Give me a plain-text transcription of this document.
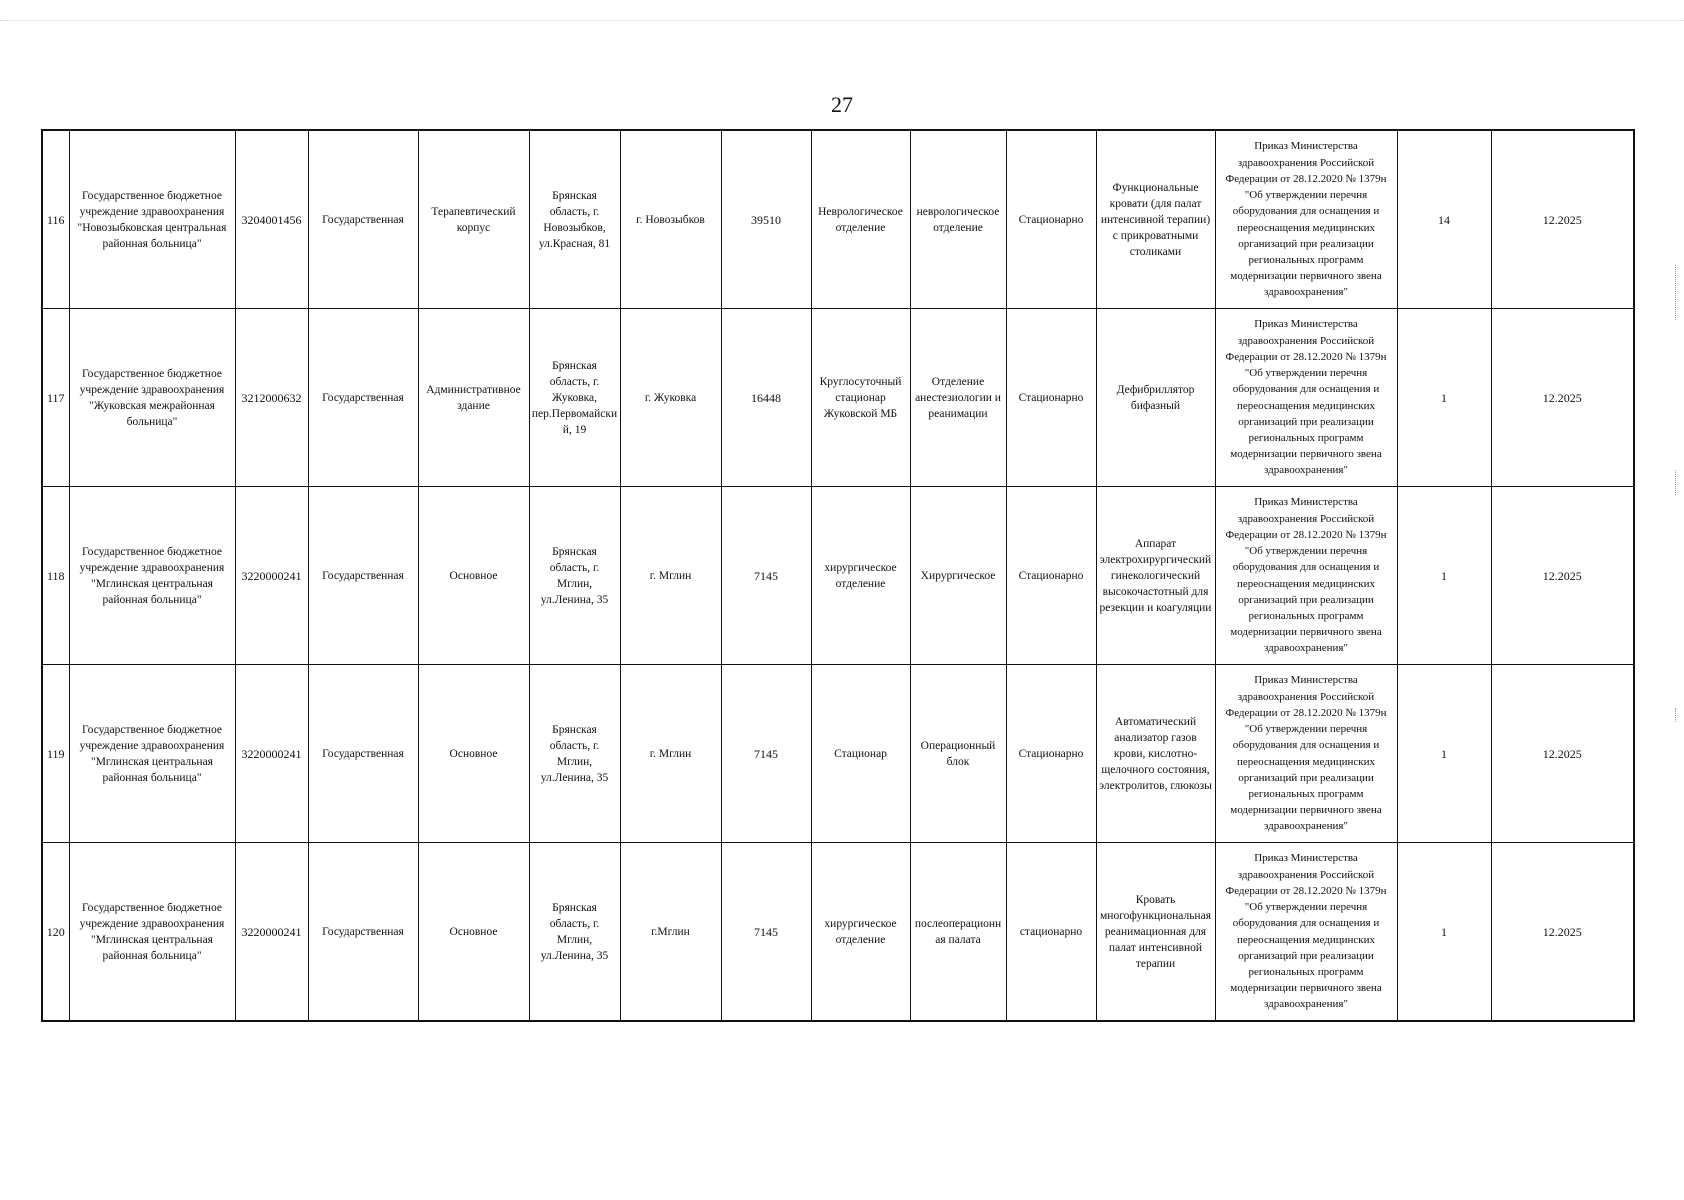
27
116	Государственное бюджетное учреждение здравоохранения "Новозыбковская центральная районная больница"	3204001456	Государственная	Терапевтический корпус	Брянская область, г. Новозыбков, ул.Красная, 81	г. Новозыбков	39510	Неврологическое отделение	неврологическое отделение	Стационарно	Функциональные кровати (для палат интенсивной терапии) с прикроватными столиками	Приказ Министерства здравоохранения Российской Федерации от 28.12.2020 № 1379н "Об утверждении перечня оборудования для оснащения и переоснащения медицинских организаций при реализации региональных программ модернизации первичного звена здравоохранения"	14	12.2025
117	Государственное бюджетное учреждение здравоохранения "Жуковская межрайонная больница"	3212000632	Государственная	Административное здание	Брянская область, г. Жуковка, пер.Первомайский, 19	г. Жуковка	16448	Круглосуточный стационар Жуковской МБ	Отделение анестезиологии и реанимации	Стационарно	Дефибриллятор бифазный	Приказ Министерства здравоохранения Российской Федерации от 28.12.2020 № 1379н "Об утверждении перечня оборудования для оснащения и переоснащения медицинских организаций при реализации региональных программ модернизации первичного звена здравоохранения"	1	12.2025
118	Государственное бюджетное учреждение здравоохранения "Мглинская центральная районная больница"	3220000241	Государственная	Основное	Брянская область, г. Мглин, ул.Ленина, 35	г. Мглин	7145	хирургическое отделение	Хирургическое	Стационарно	Аппарат электрохирургический гинекологический высокочастотный для резекции и коагуляции	Приказ Министерства здравоохранения Российской Федерации от 28.12.2020 № 1379н "Об утверждении перечня оборудования для оснащения и переоснащения медицинских организаций при реализации региональных программ модернизации первичного звена здравоохранения"	1	12.2025
119	Государственное бюджетное учреждение здравоохранения "Мглинская центральная районная больница"	3220000241	Государственная	Основное	Брянская область, г. Мглин, ул.Ленина, 35	г. Мглин	7145	Стационар	Операционный блок	Стационарно	Автоматический анализатор газов крови, кислотно-щелочного состояния, электролитов, глюкозы	Приказ Министерства здравоохранения Российской Федерации от 28.12.2020 № 1379н "Об утверждении перечня оборудования для оснащения и переоснащения медицинских организаций при реализации региональных программ модернизации первичного звена здравоохранения"	1	12.2025
120	Государственное бюджетное учреждение здравоохранения "Мглинская центральная районная больница"	3220000241	Государственная	Основное	Брянская область, г. Мглин, ул.Ленина, 35	г.Мглин	7145	хирургическое отделение	послеоперационная палата	стационарно	Кровать многофункциональная реанимационная для палат интенсивной терапии	Приказ Министерства здравоохранения Российской Федерации от 28.12.2020 № 1379н "Об утверждении перечня оборудования для оснащения и переоснащения медицинских организаций при реализации региональных программ модернизации первичного звена здравоохранения"	1	12.2025
